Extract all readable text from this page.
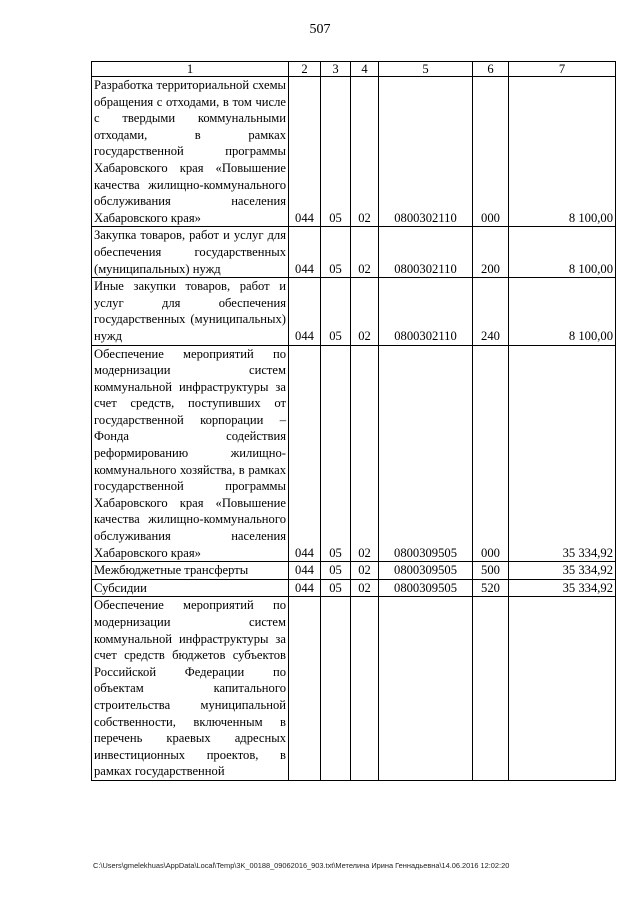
507
1	2	3	4	5	6	7
Разработка территориальной схемы обращения с отходами, в том числе с твердыми коммунальными отходами, в рамках государственной программы Хабаровского края «Повышение качества жилищно-коммунального обслуживания населения Хабаровского края»	044	05	02	0800302110	000	8 100,00
Закупка товаров, работ и услуг для обеспечения государственных (муниципальных) нужд	044	05	02	0800302110	200	8 100,00
Иные закупки товаров, работ и услуг для обеспечения государственных (муниципальных) нужд	044	05	02	0800302110	240	8 100,00
Обеспечение мероприятий по модернизации систем коммунальной инфраструктуры за счет средств, поступивших от государственной корпорации – Фонда содействия реформированию жилищно-коммунального хозяйства, в рамках государственной программы Хабаровского края «Повышение качества жилищно-коммунального обслуживания населения Хабаровского края»	044	05	02	0800309505	000	35 334,92
Межбюджетные трансферты	044	05	02	0800309505	500	35 334,92
Субсидии	044	05	02	0800309505	520	35 334,92
Обеспечение мероприятий по модернизации систем коммунальной инфраструктуры за счет средств бюджетов субъектов Российской Федерации по объектам капитального строительства муниципальной собственности, включенным в перечень краевых адресных инвестиционных проектов, в рамках государственной						
C:\Users\gmelekhuas\AppData\Local\Temp\3K_00188_09062016_903.txt\Метелина Ирина Геннадьевна\14.06.2016 12:02:20
